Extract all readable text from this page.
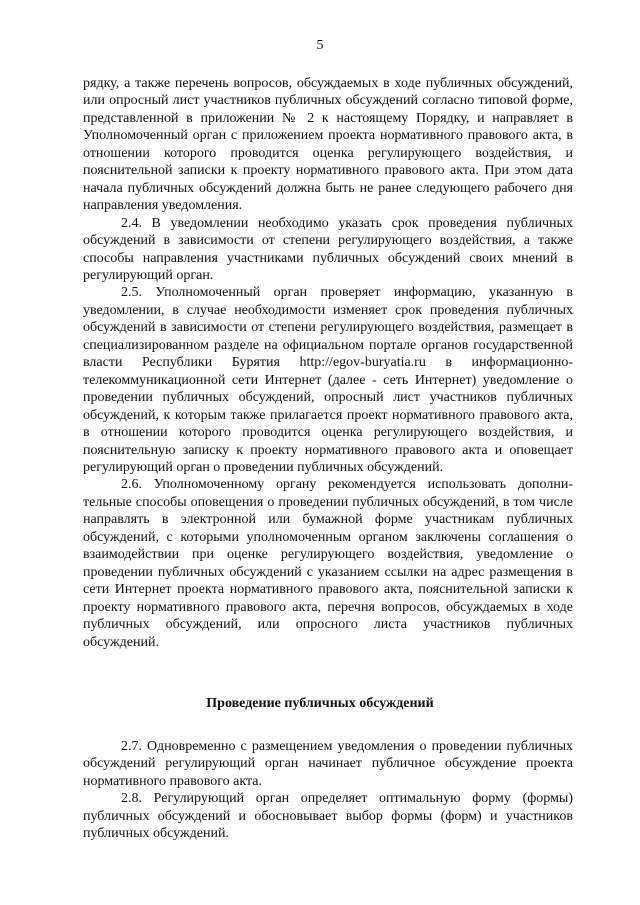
5

рядку, а также перечень вопросов, обсуждаемых в ходе публичных обсуждений, или опросный лист участников публичных обсуждений согласно типовой форме, представленной в приложении № 2 к настоящему Порядку, и направляет в Уполномоченный орган с приложением проекта нормативного правового акта, в отношении которого проводится оценка регулирующего воздействия, и пояснительной записки к проекту нормативного правового акта. При этом дата начала публичных обсуждений должна быть не ранее следующего рабочего дня направления уведомления.

2.4. В уведомлении необходимо указать срок проведения публичных обсуждений в зависимости от степени регулирующего воздействия, а также способы направления участниками публичных обсуждений своих мнений в регулирующий орган.

2.5. Уполномоченный орган проверяет информацию, указанную в уведомлении, в случае необходимости изменяет срок проведения публичных обсуждений в зависимости от степени регулирующего воздействия, размещает в специализированном разделе на официальном портале органов государственной власти Республики Бурятия http://egov-buryatia.ru в информационно-телекоммуникационной сети Интернет (далее - сеть Интернет) уведомление о проведении публичных обсуждений, опросный лист участников публичных обсуждений, к которым также прилагается проект нормативного правового акта, в отношении которого проводится оценка регулирующего воздействия, и пояснительную записку к проекту нормативного правового акта и оповещает регулирующий орган о проведении публичных обсуждений.

2.6. Уполномоченному органу рекомендуется использовать дополнительные способы оповещения о проведении публичных обсуждений, в том числе направлять в электронной или бумажной форме участникам публичных обсуждений, с которыми уполномоченным органом заключены соглашения о взаимодействии при оценке регулирующего воздействия, уведомление о проведении публичных обсуждений с указанием ссылки на адрес размещения в сети Интернет проекта нормативного правового акта, пояснительной записки к проекту нормативного правового акта, перечня вопросов, обсуждаемых в ходе публичных обсуждений, или опросного листа участников публичных обсуждений.

Проведение публичных обсуждений

2.7. Одновременно с размещением уведомления о проведении публичных обсуждений регулирующий орган начинает публичное обсуждение проекта нормативного правового акта.

2.8. Регулирующий орган определяет оптимальную форму (формы) публичных обсуждений и обосновывает выбор формы (форм) и участников публичных обсуждений.
